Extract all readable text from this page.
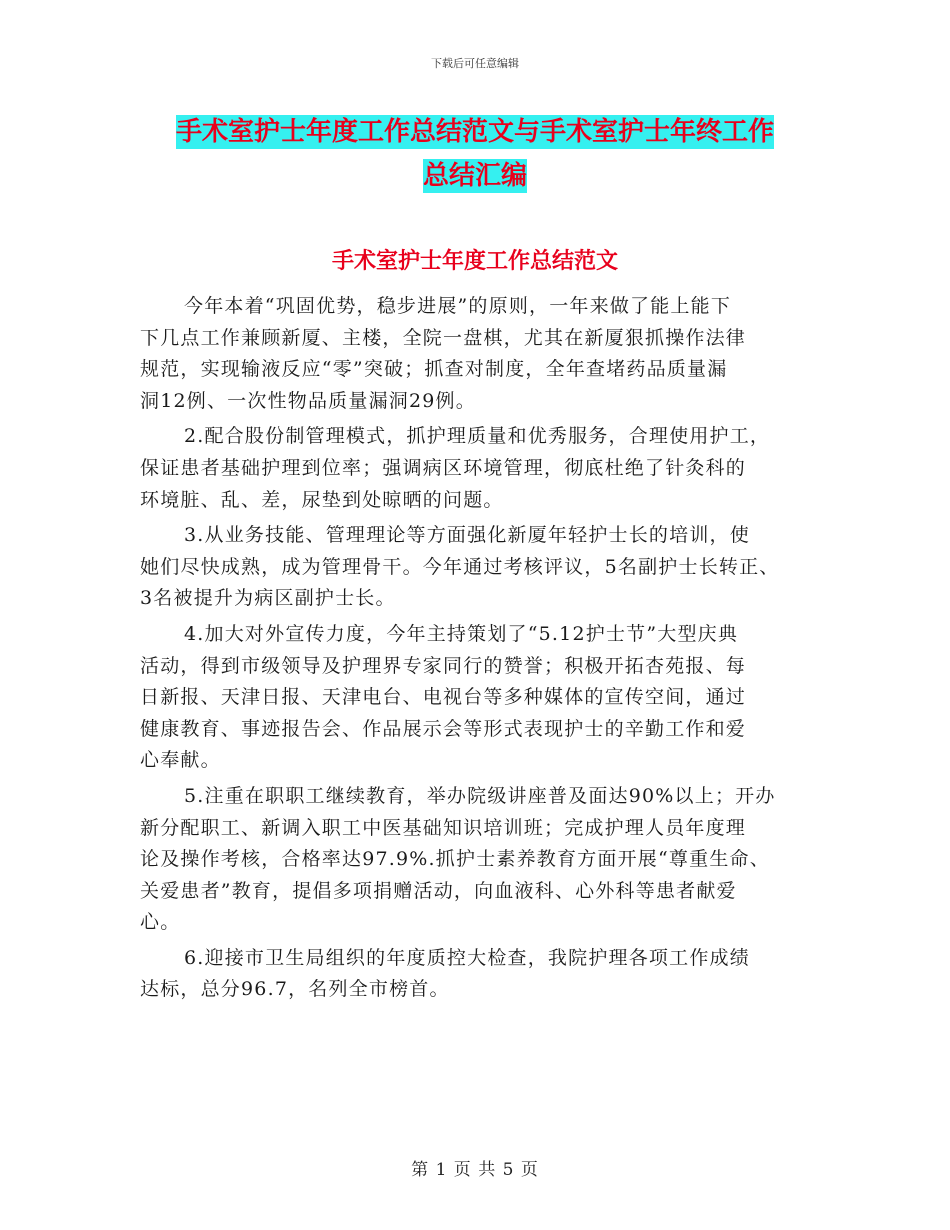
下载后可任意编辑
手术室护士年度工作总结范文与手术室护士年终工作
总结汇编
手术室护士年度工作总结范文
今年本着“巩固优势，稳步进展”的原则，一年来做了能上能下
下几点工作兼顾新厦、主楼，全院一盘棋，尤其在新厦狠抓操作法律
规范，实现输液反应“零”突破；抓查对制度，全年查堵药品质量漏
洞12例、一次性物品质量漏洞29例。
2.配合股份制管理模式，抓护理质量和优秀服务，合理使用护工，
保证患者基础护理到位率；强调病区环境管理，彻底杜绝了针灸科的
环境脏、乱、差，尿垫到处晾晒的问题。
3.从业务技能、管理理论等方面强化新厦年轻护士长的培训，使
她们尽快成熟，成为管理骨干。今年通过考核评议，5名副护士长转正、
3名被提升为病区副护士长。
4.加大对外宣传力度，今年主持策划了“5.12护士节”大型庆典
活动，得到市级领导及护理界专家同行的赞誉；积极开拓杏苑报、每
日新报、天津日报、天津电台、电视台等多种媒体的宣传空间，通过
健康教育、事迹报告会、作品展示会等形式表现护士的辛勤工作和爱
心奉献。
5.注重在职职工继续教育，举办院级讲座普及面达90%以上；开办
新分配职工、新调入职工中医基础知识培训班；完成护理人员年度理
论及操作考核，合格率达97.9%.抓护士素养教育方面开展“尊重生命、
关爱患者”教育，提倡多项捐赠活动，向血液科、心外科等患者献爱
心。
6.迎接市卫生局组织的年度质控大检查，我院护理各项工作成绩
达标，总分96.7，名列全市榜首。
第 1 页 共 5 页
